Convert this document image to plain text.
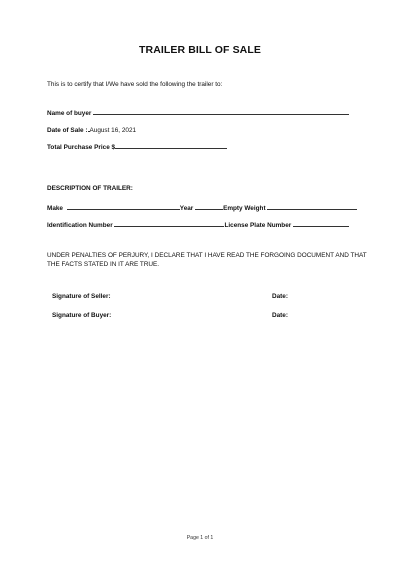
TRAILER BILL OF SALE
This is to certify that I/We have sold the following the trailer to:
Name of buyer
Date of Sale : August 16, 2021
Total Purchase Price $
DESCRIPTION OF TRAILER:
Make	Year	Empty Weight
Identification Number	License Plate Number
UNDER PENALTIES OF PERJURY, I DECLARE THAT I HAVE READ THE FORGOING DOCUMENT AND THAT
THE FACTS STATED IN IT ARE TRUE.
Signature of Seller:	Date:
Signature of Buyer:	Date:
Page 1 of 1
